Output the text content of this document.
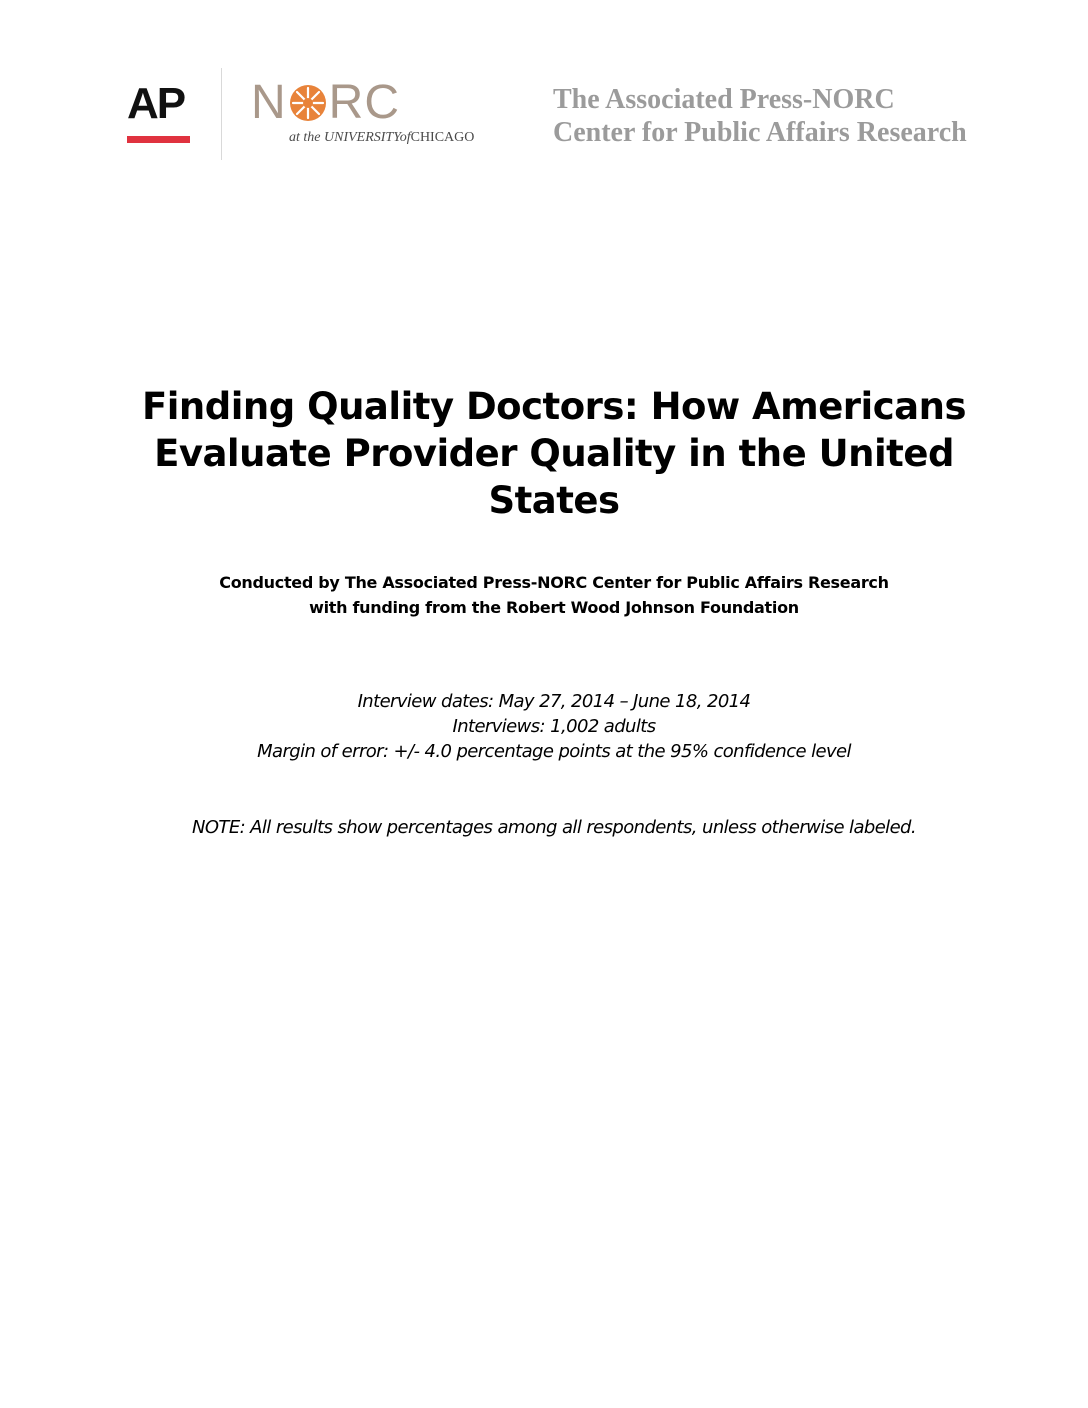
AP N RC
at the UNIVERSITYofCHICAGO
The Associated Press-NORC
Center for Public Affairs Research
Finding Quality Doctors: How Americans
Evaluate Provider Quality in the United
States
Conducted by The Associated Press-NORC Center for Public Affairs Research
with funding from the Robert Wood Johnson Foundation
Interview dates: May 27, 2014 – June 18, 2014
Interviews: 1,002 adults
Margin of error: +/- 4.0 percentage points at the 95% confidence level
NOTE: All results show percentages among all respondents, unless otherwise labeled.
